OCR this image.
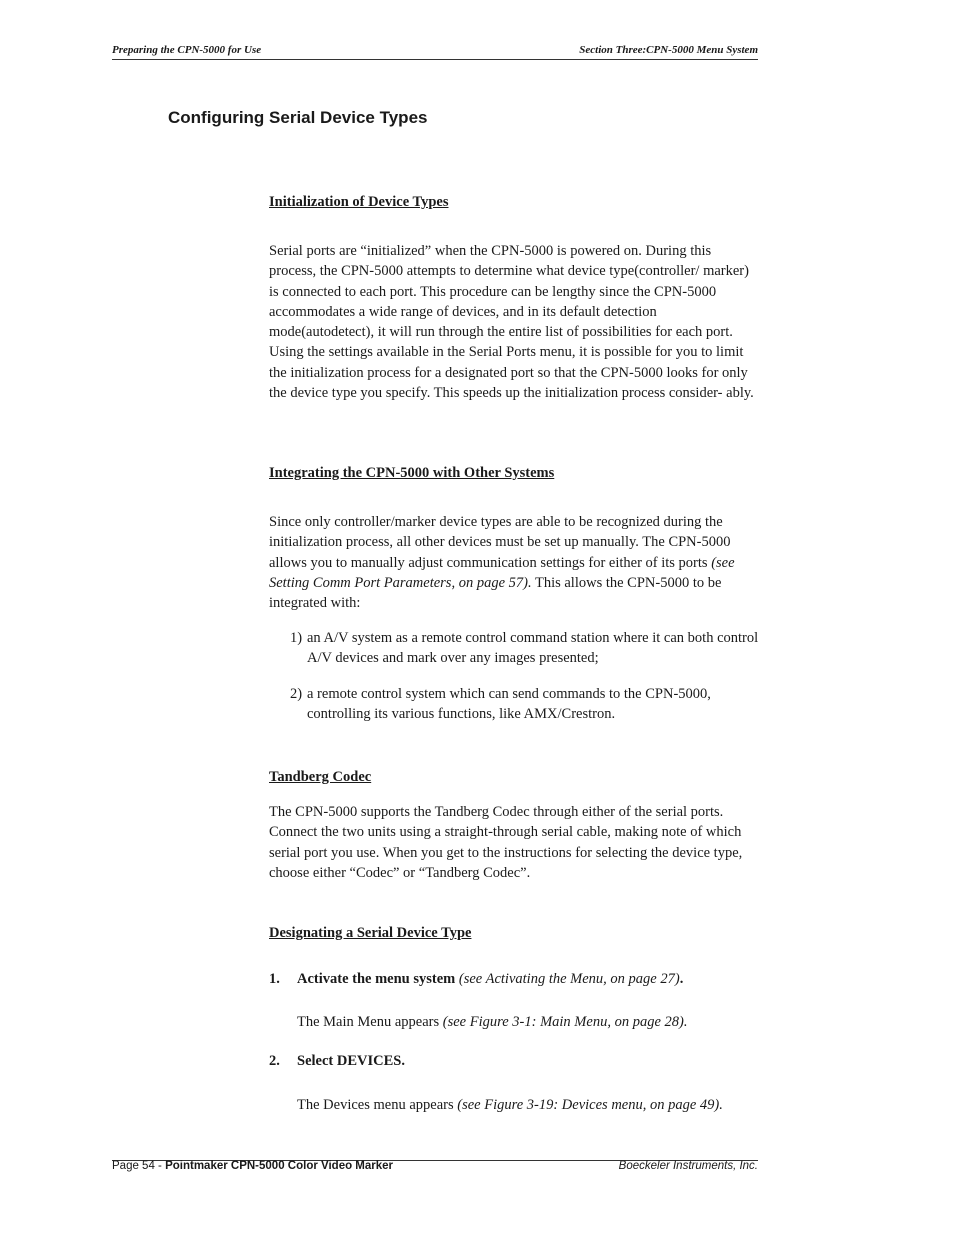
Preparing the CPN-5000 for Use	Section Three:CPN-5000 Menu System
Configuring Serial Device Types
Initialization of Device Types

Serial ports are “initialized” when the CPN-5000 is powered on. During this process, the CPN-5000 attempts to determine what device type(controller/ marker) is connected to each port. This procedure can be lengthy since the CPN-5000 accommodates a wide range of devices, and in its default detection mode(autodetect), it will run through the entire list of possibilities for each port. Using the settings available in the Serial Ports menu, it is possible for you to limit the initialization process for a designated port so that the CPN-5000 looks for only the device type you specify. This speeds up the initialization process consider- ably.

Integrating the CPN-5000 with Other Systems

Since only controller/marker device types are able to be recognized during the initialization process, all other devices must be set up manually. The CPN-5000 allows you to manually adjust communication settings for either of its ports (see Setting Comm Port Parameters, on page 57). This allows the CPN-5000 to be integrated with:

1) an A/V system as a remote control command station where it can both control A/V devices and mark over any images presented;
2) a remote control system which can send commands to the CPN-5000, controlling its various functions, like AMX/Crestron.
Tandberg Codec

The CPN-5000 supports the Tandberg Codec through either of the serial ports. Connect the two units using a straight-through serial cable, making note of which serial port you use. When you get to the instructions for selecting the device type, choose either “Codec” or “Tandberg Codec”.

Designating a Serial Device Type
1.	Activate the menu system (see Activating the Menu, on page 27).
The Main Menu appears (see Figure 3-1: Main Menu, on page 28).
2.	Select DEVICES.
The Devices menu appears (see Figure 3-19: Devices menu, on page 49).
Page 54 - Pointmaker CPN-5000 Color Video Marker	Boeckeler Instruments, Inc.
